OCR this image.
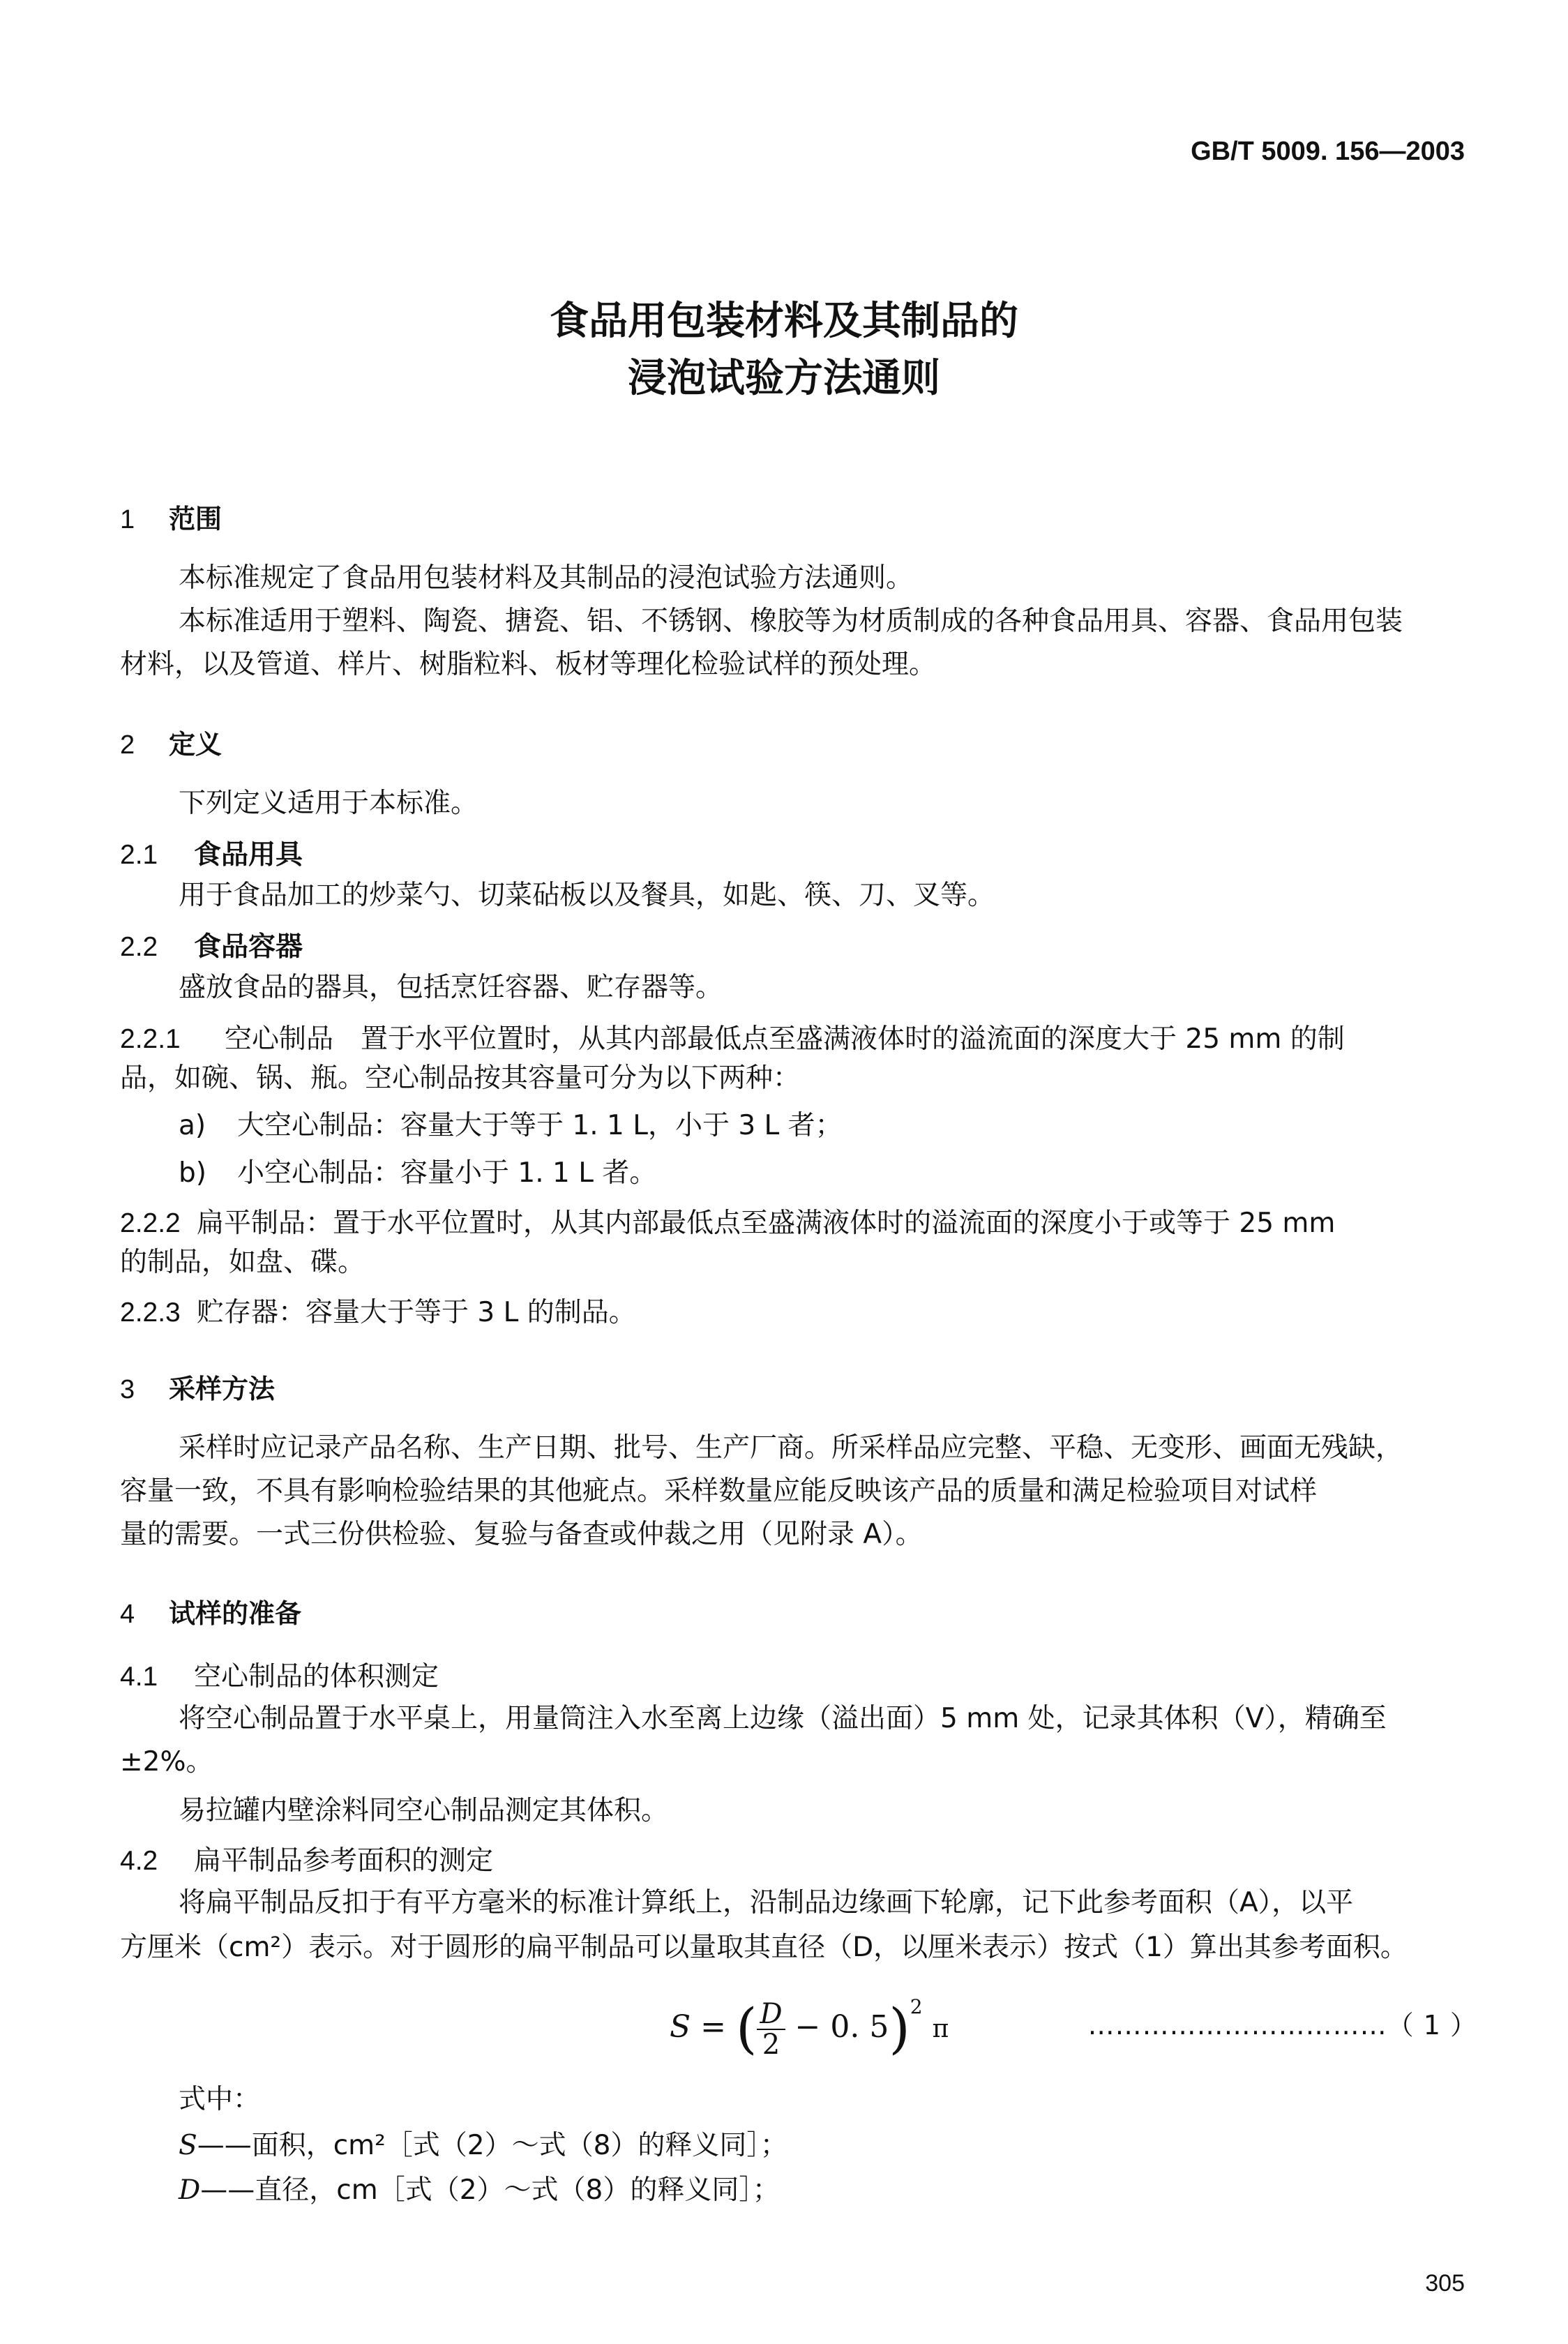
GB/T 5009. 156—2003
食品用包装材料及其制品的
浸泡试验方法通则
1 范围
本标准规定了食品用包装材料及其制品的浸泡试验方法通则。
本标准适用于塑料、陶瓷、搪瓷、铝、不锈钢、橡胶等为材质制成的各种食品用具、容器、食品用包装
材料，以及管道、样片、树脂粒料、板材等理化检验试样的预处理。
2 定义
下列定义适用于本标准。
2.1 食品用具
用于食品加工的炒菜勺、切菜砧板以及餐具，如匙、筷、刀、叉等。
2.2 食品容器
盛放食品的器具，包括烹饪容器、贮存器等。
2.2.1 空心制品　置于水平位置时，从其内部最低点至盛满液体时的溢流面的深度大于 25 mm 的制
品，如碗、锅、瓶。空心制品按其容量可分为以下两种：
a) 大空心制品：容量大于等于 1. 1 L，小于 3 L 者；
b) 小空心制品：容量小于 1. 1 L 者。
2.2.2 扁平制品：置于水平位置时，从其内部最低点至盛满液体时的溢流面的深度小于或等于 25 mm
的制品，如盘、碟。
2.2.3 贮存器：容量大于等于 3 L 的制品。
3 采样方法
采样时应记录产品名称、生产日期、批号、生产厂商。所采样品应完整、平稳、无变形、画面无残缺，
容量一致，不具有影响检验结果的其他疵点。采样数量应能反映该产品的质量和满足检验项目对试样
量的需要。一式三份供检验、复验与备查或仲裁之用（见附录 A）。
4 试样的准备
4.1 空心制品的体积测定
将空心制品置于水平桌上，用量筒注入水至离上边缘（溢出面）5 mm 处，记录其体积（V），精确至
±2%。
易拉罐内壁涂料同空心制品测定其体积。
4.2 扁平制品参考面积的测定
将扁平制品反扣于有平方毫米的标准计算纸上，沿制品边缘画下轮廓，记下此参考面积（A），以平
方厘米（cm²）表示。对于圆形的扁平制品可以量取其直径（D，以厘米表示）按式（1）算出其参考面积。
S = ( $\frac{D}{2} - 0$. 5)$^2$ π	……………………………（ 1 ）
式中：
S——面积，cm²［式（2）～式（8）的释义同］；
D——直径，cm［式（2）～式（8）的释义同］；
305
